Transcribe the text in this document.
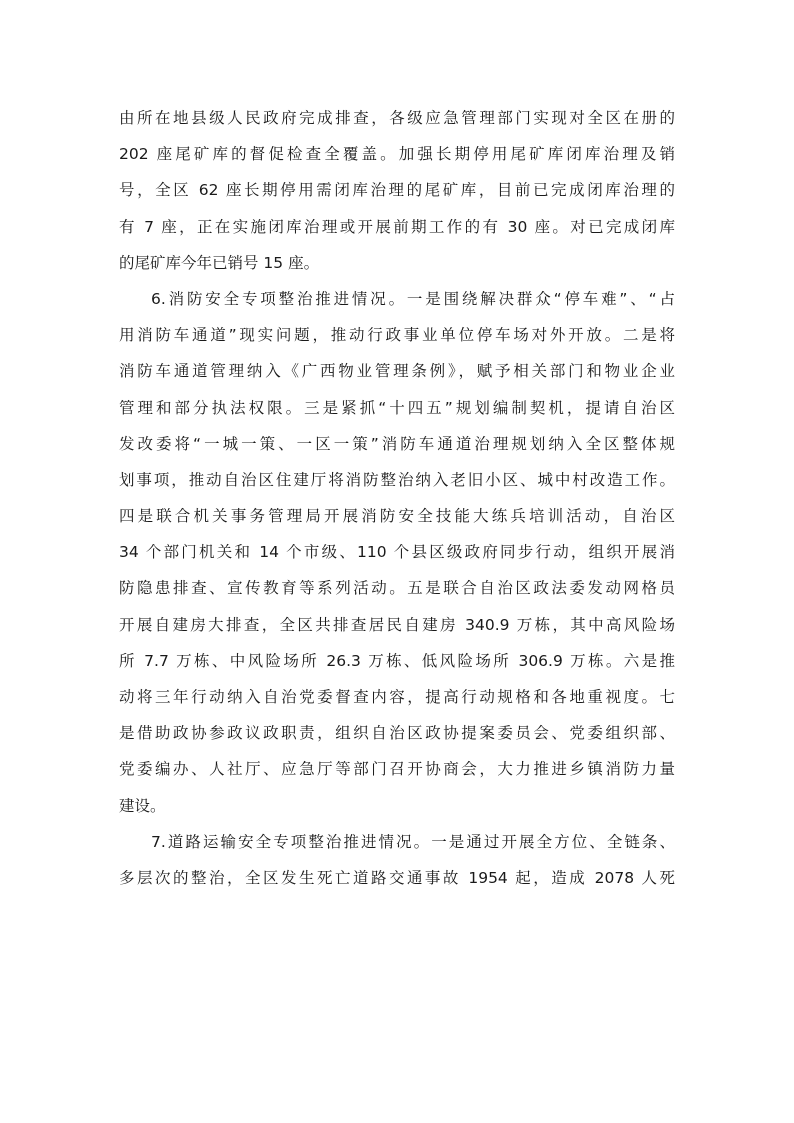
由所在地县级人民政府完成排查，各级应急管理部门实现对全区在册的
202 座尾矿库的督促检查全覆盖。加强长期停用尾矿库闭库治理及销
号，全区 62 座长期停用需闭库治理的尾矿库，目前已完成闭库治理的
有 7 座，正在实施闭库治理或开展前期工作的有 30 座。对已完成闭库
的尾矿库今年已销号 15 座。
6.消防安全专项整治推进情况。一是围绕解决群众“停车难”、“占
用消防车通道”现实问题，推动行政事业单位停车场对外开放。二是将
消防车通道管理纳入《广西物业管理条例》，赋予相关部门和物业企业
管理和部分执法权限。三是紧抓“十四五”规划编制契机，提请自治区
发改委将“一城一策、一区一策”消防车通道治理规划纳入全区整体规
划事项，推动自治区住建厅将消防整治纳入老旧小区、城中村改造工作。
四是联合机关事务管理局开展消防安全技能大练兵培训活动，自治区
34 个部门机关和 14 个市级、110 个县区级政府同步行动，组织开展消
防隐患排查、宣传教育等系列活动。五是联合自治区政法委发动网格员
开展自建房大排查，全区共排查居民自建房 340.9 万栋，其中高风险场
所 7.7 万栋、中风险场所 26.3 万栋、低风险场所 306.9 万栋。六是推
动将三年行动纳入自治党委督查内容，提高行动规格和各地重视度。七
是借助政协参政议政职责，组织自治区政协提案委员会、党委组织部、
党委编办、人社厅、应急厅等部门召开协商会，大力推进乡镇消防力量
建设。
7.道路运输安全专项整治推进情况。一是通过开展全方位、全链条、
多层次的整治，全区发生死亡道路交通事故 1954 起，造成 2078 人死
